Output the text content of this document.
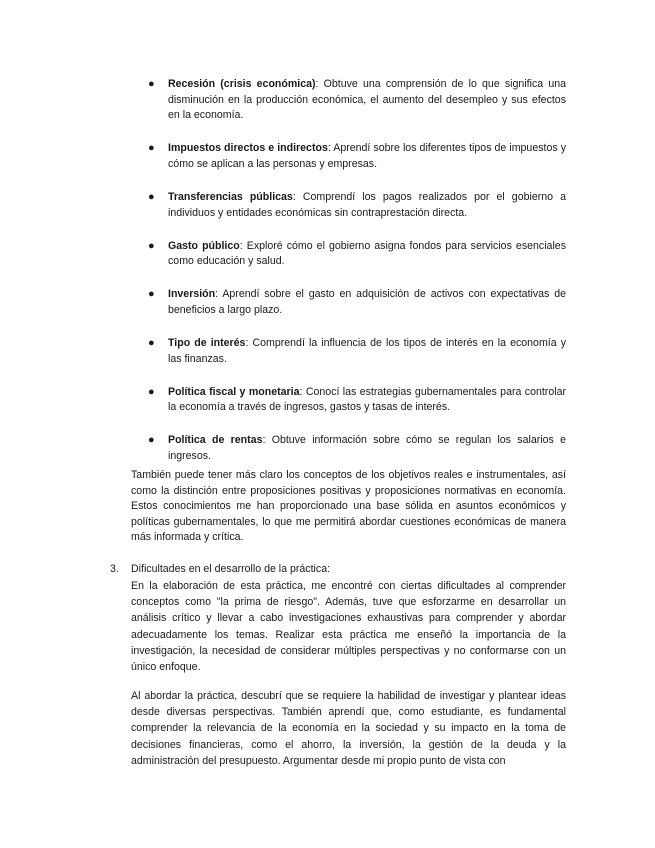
● Recesión (crisis económica): Obtuve una comprensión de lo que significa una disminución en la producción económica, el aumento del desempleo y sus efectos en la economía.
● Impuestos directos e indirectos: Aprendí sobre los diferentes tipos de impuestos y cómo se aplican a las personas y empresas.
● Transferencias públicas: Comprendí los pagos realizados por el gobierno a individuos y entidades económicas sin contraprestación directa.
● Gasto público: Exploré cómo el gobierno asigna fondos para servicios esenciales como educación y salud.
● Inversión: Aprendí sobre el gasto en adquisición de activos con expectativas de beneficios a largo plazo.
● Tipo de interés: Comprendí la influencia de los tipos de interés en la economía y las finanzas.
● Política fiscal y monetaria: Conocí las estrategias gubernamentales para controlar la economía a través de ingresos, gastos y tasas de interés.
● Política de rentas: Obtuve información sobre cómo se regulan los salarios e ingresos.

También puede tener más claro los conceptos de los objetivos reales e instrumentales, así como la distinción entre proposiciones positivas y proposiciones normativas en economía. Estos conocimientos me han proporcionado una base sólida en asuntos económicos y políticas gubernamentales, lo que me permitirá abordar cuestiones económicas de manera más informada y crítica.

3. Dificultades en el desarrollo de la práctica:

En la elaboración de esta práctica, me encontré con ciertas dificultades al comprender conceptos como "la prima de riesgo". Además, tuve que esforzarme en desarrollar un análisis crítico y llevar a cabo investigaciones exhaustivas para comprender y abordar adecuadamente los temas. Realizar esta práctica me enseñó la importancia de la investigación, la necesidad de considerar múltiples perspectivas y no conformarse con un único enfoque.

Al abordar la práctica, descubrí que se requiere la habilidad de investigar y plantear ideas desde diversas perspectivas. También aprendí que, como estudiante, es fundamental comprender la relevancia de la economía en la sociedad y su impacto en la toma de decisiones financieras, como el ahorro, la inversión, la gestión de la deuda y la administración del presupuesto. Argumentar desde mi propio punto de vista con
